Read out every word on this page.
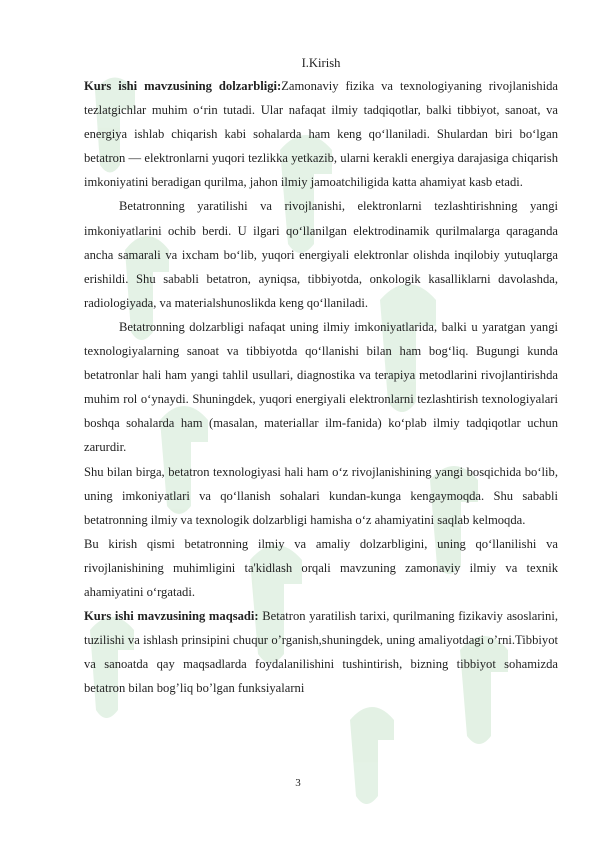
I.Kirish

Kurs ishi mavzusining dolzarbligi:Zamonaviy fizika va texnologiyaning rivojlanishida tezlatgichlar muhim o‘rin tutadi. Ular nafaqat ilmiy tadqiqotlar, balki tibbiyot, sanoat, va energiya ishlab chiqarish kabi sohalarda ham keng qo‘llaniladi. Shulardan biri bo‘lgan betatron — elektronlarni yuqori tezlikka yetkazib, ularni kerakli energiya darajasiga chiqarish imkoniyatini beradigan qurilma, jahon ilmiy jamoatchiligida katta ahamiyat kasb etadi.

Betatronning yaratilishi va rivojlanishi, elektronlarni tezlashtirishning yangi imkoniyatlarini ochib berdi. U ilgari qo‘llanilgan elektrodinamik qurilmalarga qaraganda ancha samarali va ixcham bo‘lib, yuqori energiyali elektronlar olishda inqilobiy yutuqlarga erishildi. Shu sababli betatron, ayniqsa, tibbiyotda, onkologik kasalliklarni davolashda, radiologiyada, va materialshunoslikda keng qo‘llaniladi.

Betatronning dolzarbligi nafaqat uning ilmiy imkoniyatlarida, balki u yaratgan yangi texnologiyalarning sanoat va tibbiyotda qo‘llanishi bilan ham bog‘liq. Bugungi kunda betatronlar hali ham yangi tahlil usullari, diagnostika va terapiya metodlarini rivojlantirishda muhim rol o‘ynaydi. Shuningdek, yuqori energiyali elektronlarni tezlashtirish texnologiyalari boshqa sohalarda ham (masalan, materiallar ilm-fanida) ko‘plab ilmiy tadqiqotlar uchun zarurdir.

Shu bilan birga, betatron texnologiyasi hali ham o‘z rivojlanishining yangi bosqichida bo‘lib, uning imkoniyatlari va qo‘llanish sohalari kundan-kunga kengaymoqda. Shu sababli betatronning ilmiy va texnologik dolzarbligi hamisha o‘z ahamiyatini saqlab kelmoqda.

Bu kirish qismi betatronning ilmiy va amaliy dolzarbligini, uning qo‘llanilishi va rivojlanishining muhimligini ta'kidlash orqali mavzuning zamonaviy ilmiy va texnik ahamiyatini o‘rgatadi.

Kurs ishi mavzusining maqsadi: Betatron yaratilish tarixi, qurilmaning fizikaviy asoslarini, tuzilishi va ishlash prinsipini chuqur o’rganish,shuningdek, uning amaliyotdagi o’rni.Tibbiyot va sanoatda qay maqsadlarda foydalanilishini tushintirish, bizning tibbiyot sohamizda betatron bilan bog’liq bo’lgan funksiyalarni

3
